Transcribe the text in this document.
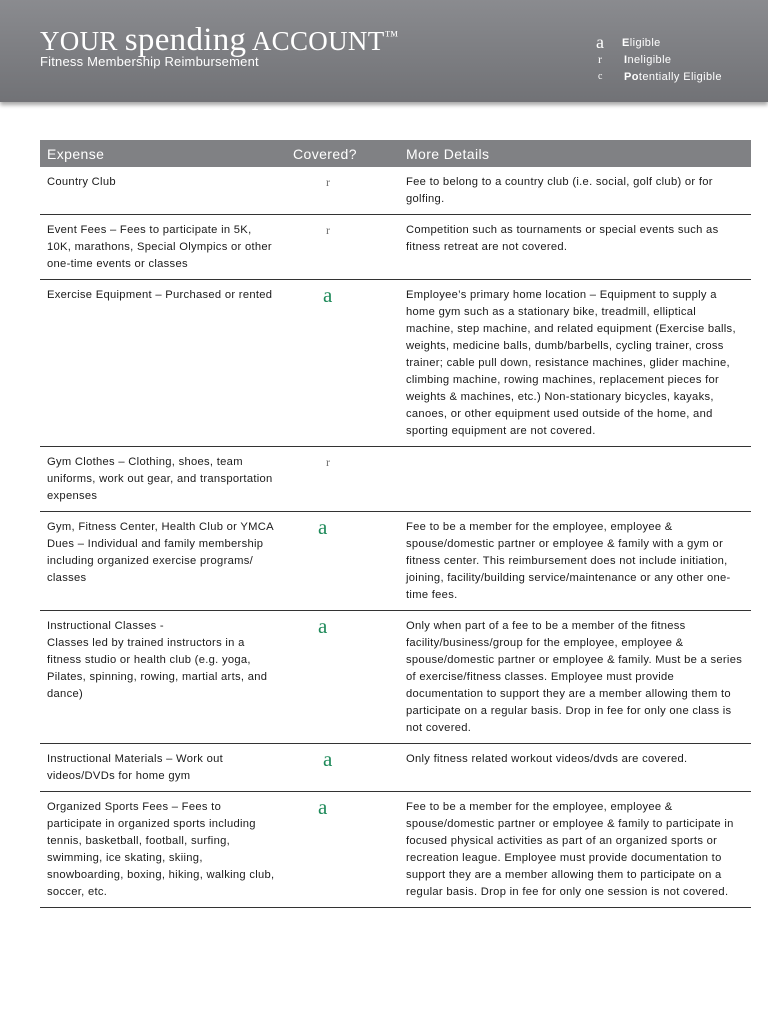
YOUR spending ACCOUNT™
Fitness Membership Reimbursement
a	Eligible
r	Ineligible
c	Potentially Eligible
Expense	Covered?	More Details
Country Club	r	Fee to belong to a country club (i.e. social, golf club) or for golfing.
Event Fees – Fees to participate in 5K, 10K, marathons, Special Olympics or other one-time events or classes	r	Competition such as tournaments or special events such as fitness retreat are not covered.
Exercise Equipment – Purchased or rented	a	Employee’s primary home location – Equipment to supply a home gym such as a stationary bike, treadmill, elliptical machine, step machine, and related equipment (Exercise balls, weights, medicine balls, dumb/barbells, cycling trainer, cross trainer; cable pull down, resistance machines, glider machine, climbing machine, rowing machines, replacement pieces for weights & machines, etc.) Non-stationary bicycles, kayaks, canoes, or other equipment used outside of the home, and sporting equipment are not covered.
Gym Clothes – Clothing, shoes, team uniforms, work out gear, and transportation expenses	r	
Gym, Fitness Center, Health Club or YMCA Dues – Individual and family membership including organized exercise programs/ classes	a	Fee to be a member for the employee, employee & spouse/domestic partner or employee & family with a gym or fitness center. This reimbursement does not include initiation, joining, facility/building service/maintenance or any other one-time fees.
Instructional Classes -
Classes led by trained instructors in a fitness studio or health club (e.g. yoga, Pilates, spinning, rowing, martial arts, and dance)	a	Only when part of a fee to be a member of the fitness facility/business/group for the employee, employee & spouse/domestic partner or employee & family. Must be a series of exercise/fitness classes. Employee must provide documentation to support they are a member allowing them to participate on a regular basis. Drop in fee for only one class is not covered.
Instructional Materials – Work out videos/DVDs for home gym	a	Only fitness related workout videos/dvds are covered.
Organized Sports Fees – Fees to participate in organized sports including tennis, basketball, football, surfing, swimming, ice skating, skiing, snowboarding, boxing, hiking, walking club, soccer, etc.	a	Fee to be a member for the employee, employee & spouse/domestic partner or employee & family to participate in focused physical activities as part of an organized sports or recreation league. Employee must provide documentation to support they are a member allowing them to participate on a regular basis. Drop in fee for only one session is not covered.
